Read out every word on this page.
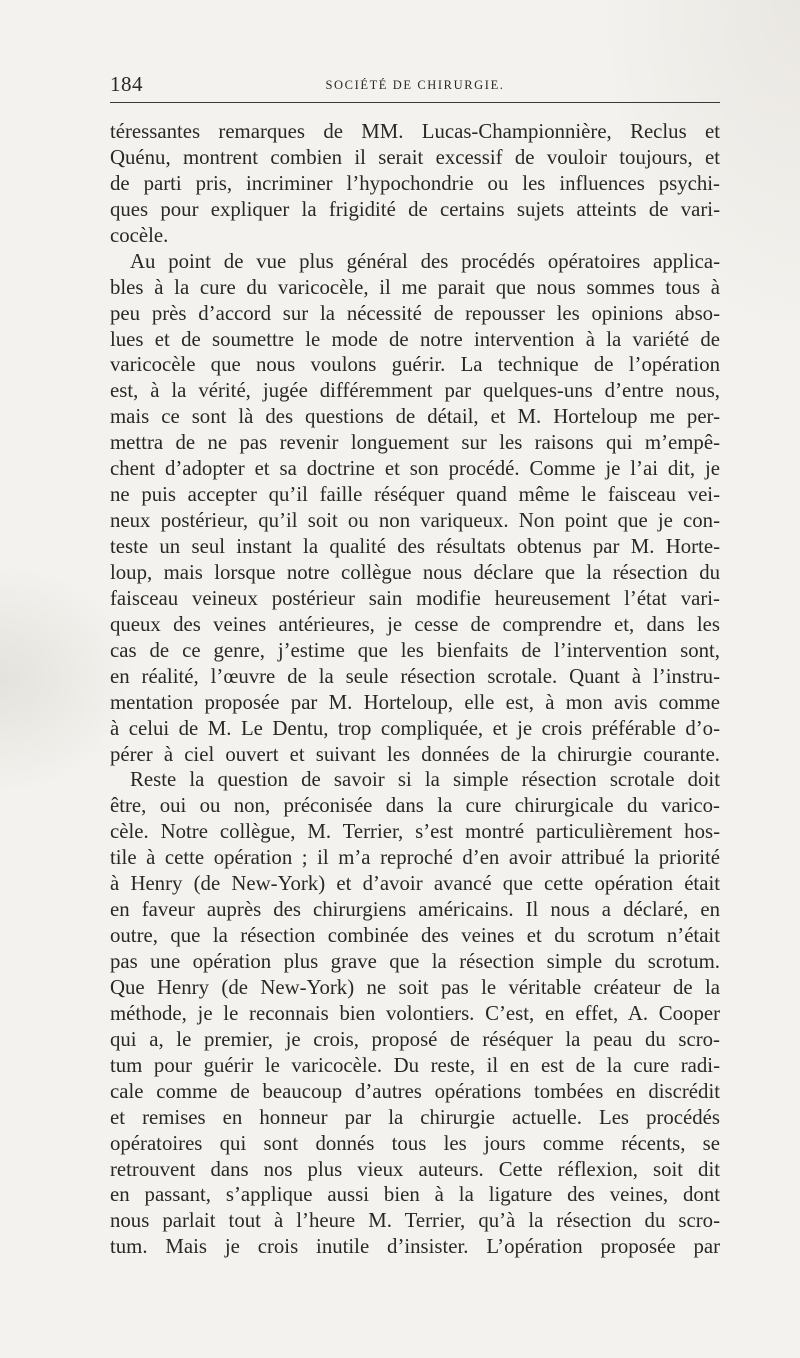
184	SOCIÉTÉ DE CHIRURGIE.
téressantes remarques de MM. Lucas-Championnière, Reclus et
Quénu, montrent combien il serait excessif de vouloir toujours, et
de parti pris, incriminer l’hypochondrie ou les influences psychi-
ques pour expliquer la frigidité de certains sujets atteints de vari-
cocèle.
Au point de vue plus général des procédés opératoires applica-
bles à la cure du varicocèle, il me parait que nous sommes tous à
peu près d’accord sur la nécessité de repousser les opinions abso-
lues et de soumettre le mode de notre intervention à la variété de
varicocèle que nous voulons guérir. La technique de l’opération
est, à la vérité, jugée différemment par quelques-uns d’entre nous,
mais ce sont là des questions de détail, et M. Horteloup me per-
mettra de ne pas revenir longuement sur les raisons qui m’empê-
chent d’adopter et sa doctrine et son procédé. Comme je l’ai dit, je
ne puis accepter qu’il faille réséquer quand même le faisceau vei-
neux postérieur, qu’il soit ou non variqueux. Non point que je con-
teste un seul instant la qualité des résultats obtenus par M. Horte-
loup, mais lorsque notre collègue nous déclare que la résection du
faisceau veineux postérieur sain modifie heureusement l’état vari-
queux des veines antérieures, je cesse de comprendre et, dans les
cas de ce genre, j’estime que les bienfaits de l’intervention sont,
en réalité, l’œuvre de la seule résection scrotale. Quant à l’instru-
mentation proposée par M. Horteloup, elle est, à mon avis comme
à celui de M. Le Dentu, trop compliquée, et je crois préférable d’o-
pérer à ciel ouvert et suivant les données de la chirurgie courante.
Reste la question de savoir si la simple résection scrotale doit
être, oui ou non, préconisée dans la cure chirurgicale du varico-
cèle. Notre collègue, M. Terrier, s’est montré particulièrement hos-
tile à cette opération ; il m’a reproché d’en avoir attribué la priorité
à Henry (de New-York) et d’avoir avancé que cette opération était
en faveur auprès des chirurgiens américains. Il nous a déclaré, en
outre, que la résection combinée des veines et du scrotum n’était
pas une opération plus grave que la résection simple du scrotum.
Que Henry (de New-York) ne soit pas le véritable créateur de la
méthode, je le reconnais bien volontiers. C’est, en effet, A. Cooper
qui a, le premier, je crois, proposé de réséquer la peau du scro-
tum pour guérir le varicocèle. Du reste, il en est de la cure radi-
cale comme de beaucoup d’autres opérations tombées en discrédit
et remises en honneur par la chirurgie actuelle. Les procédés
opératoires qui sont donnés tous les jours comme récents, se
retrouvent dans nos plus vieux auteurs. Cette réflexion, soit dit
en passant, s’applique aussi bien à la ligature des veines, dont
nous parlait tout à l’heure M. Terrier, qu’à la résection du scro-
tum. Mais je crois inutile d’insister. L’opération proposée par
